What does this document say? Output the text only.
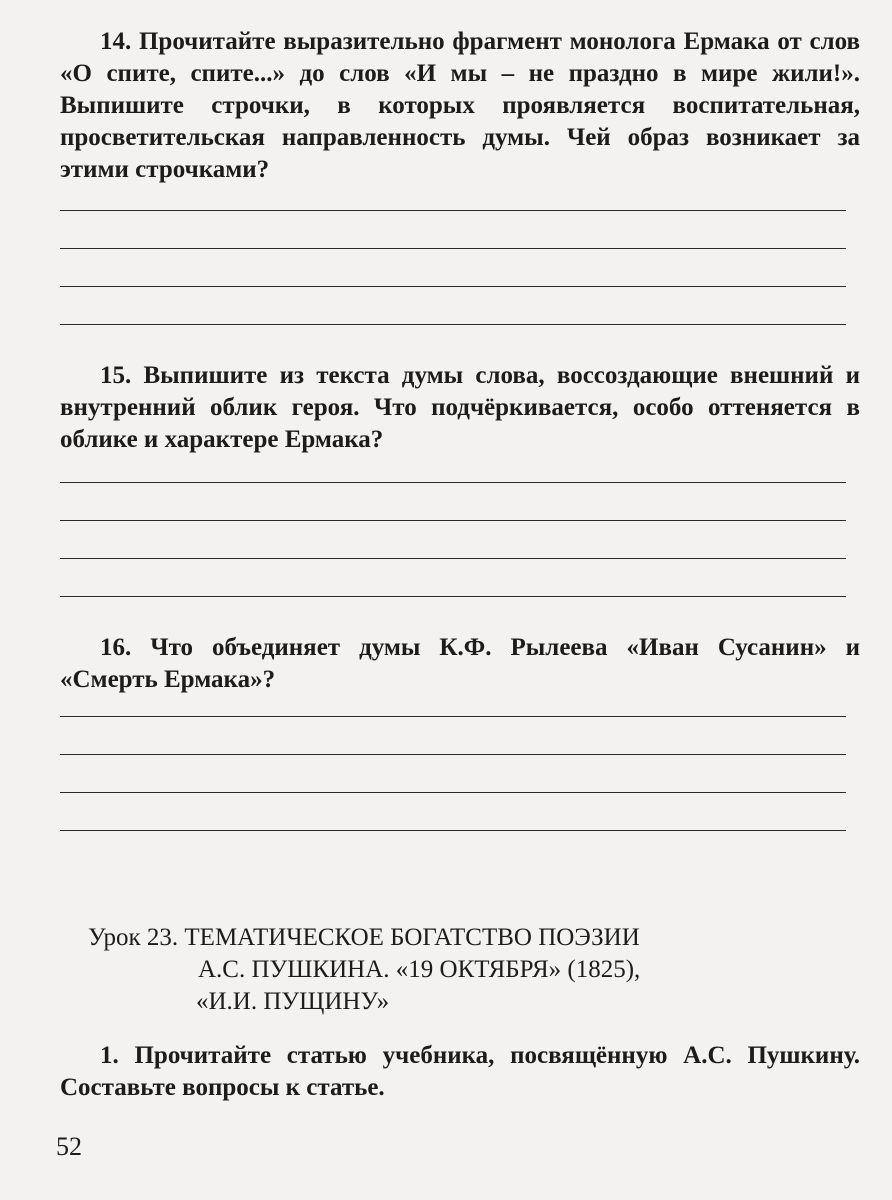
14. Прочитайте выразительно фрагмент монолога Ермака от слов «О спите, спите...» до слов «И мы – не праздно в мире жили!». Выпишите строчки, в которых проявляется воспитательная, просветительская направленность думы. Чей образ возникает за этими строчками?

15. Выпишите из текста думы слова, воссоздающие внешний и внутренний облик героя. Что подчёркивается, особо оттеняется в облике и характере Ермака?

16. Что объединяет думы К.Ф. Рылеева «Иван Сусанин» и «Смерть Ермака»?

Урок 23. ТЕМАТИЧЕСКОЕ БОГАТСТВО ПОЭЗИИ
А.С. ПУШКИНА. «19 ОКТЯБРЯ» (1825),
«И.И. ПУЩИНУ»

1. Прочитайте статью учебника, посвящённую А.С. Пушкину. Составьте вопросы к статье.

52
